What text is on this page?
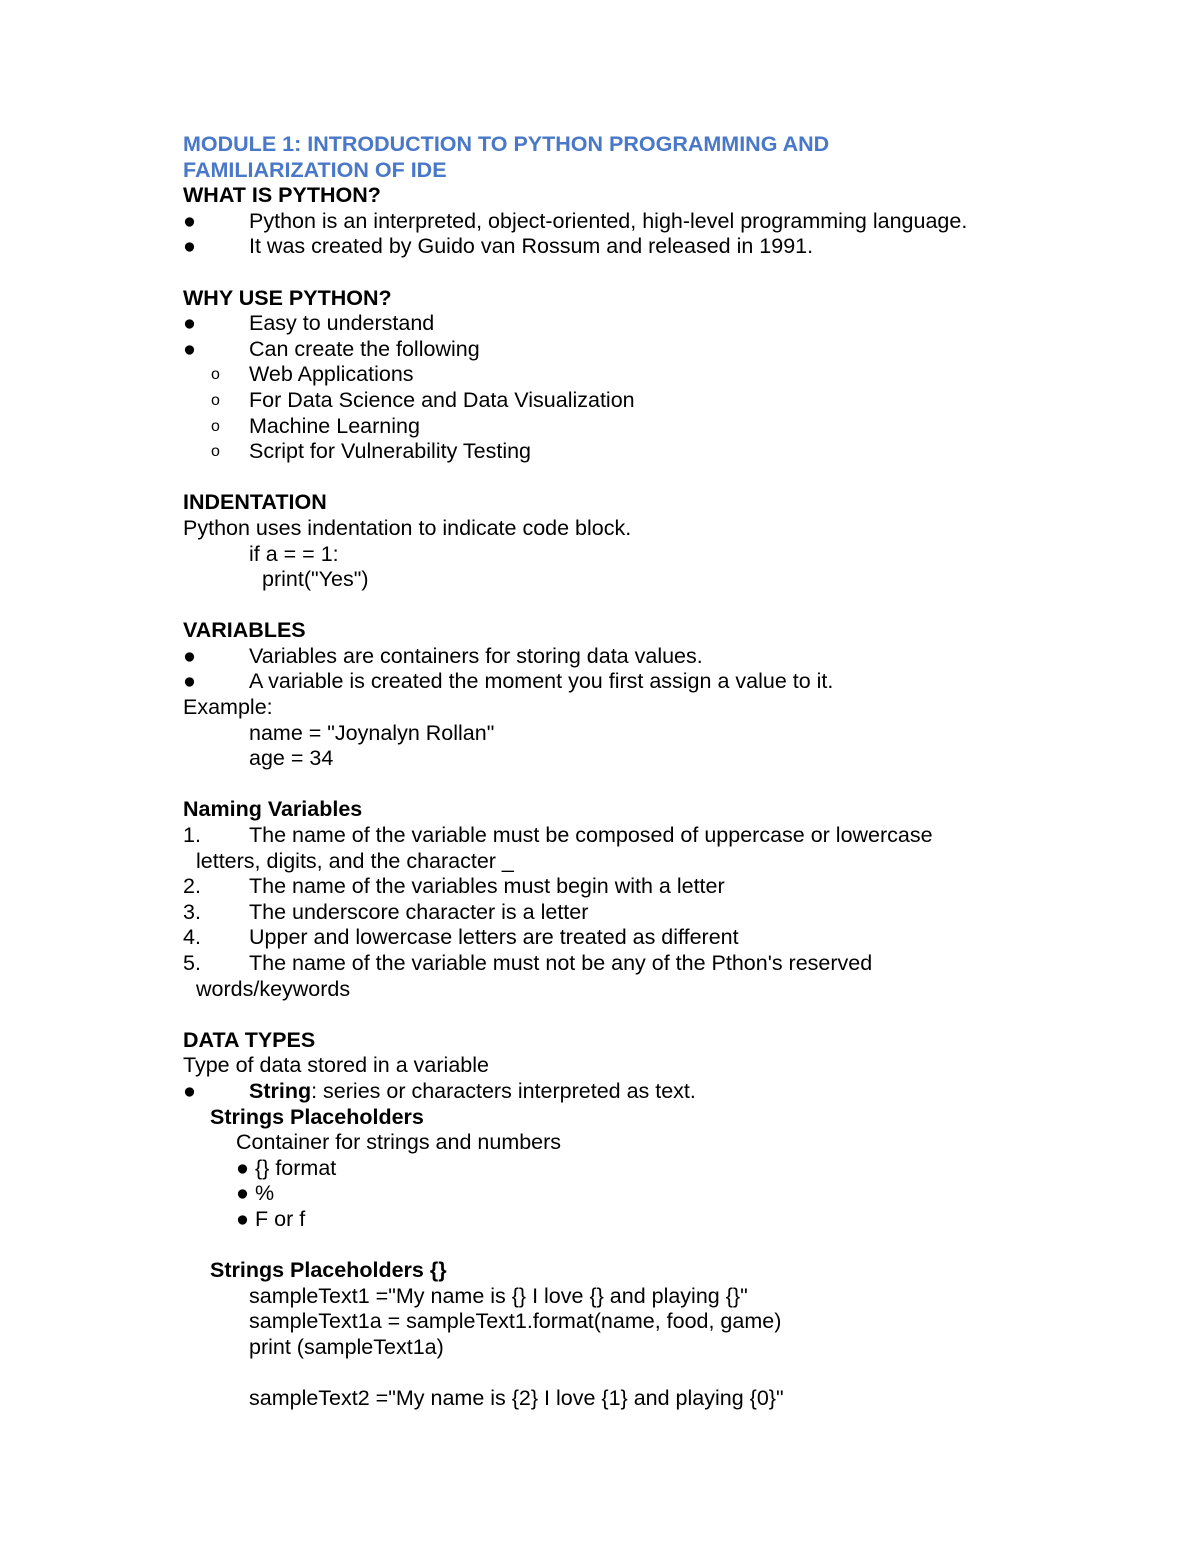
MODULE 1: INTRODUCTION TO PYTHON PROGRAMMING AND
FAMILIARIZATION OF IDE
WHAT IS PYTHON?
● Python is an interpreted, object-oriented, high-level programming language.
● It was created by Guido van Rossum and released in 1991.
WHY USE PYTHON?
● Easy to understand
● Can create the following
o Web Applications
o For Data Science and Data Visualization
o Machine Learning
o Script for Vulnerability Testing
INDENTATION
Python uses indentation to indicate code block.
if a = = 1:
print("Yes")
VARIABLES
● Variables are containers for storing data values.
● A variable is created the moment you first assign a value to it.
Example:
name = "Joynalyn Rollan"
age = 34
Naming Variables
1. The name of the variable must be composed of uppercase or lowercase
letters, digits, and the character _
2. The name of the variables must begin with a letter
3. The underscore character is a letter
4. Upper and lowercase letters are treated as different
5. The name of the variable must not be any of the Pthon's reserved
words/keywords
DATA TYPES
Type of data stored in a variable
● String: series or characters interpreted as text.
Strings Placeholders
Container for strings and numbers
● {} format
● %
● F or f
Strings Placeholders {}
sampleText1 ="My name is {} I love {} and playing {}"
sampleText1a = sampleText1.format(name, food, game)
print (sampleText1a)
sampleText2 ="My name is {2} I love {1} and playing {0}"
